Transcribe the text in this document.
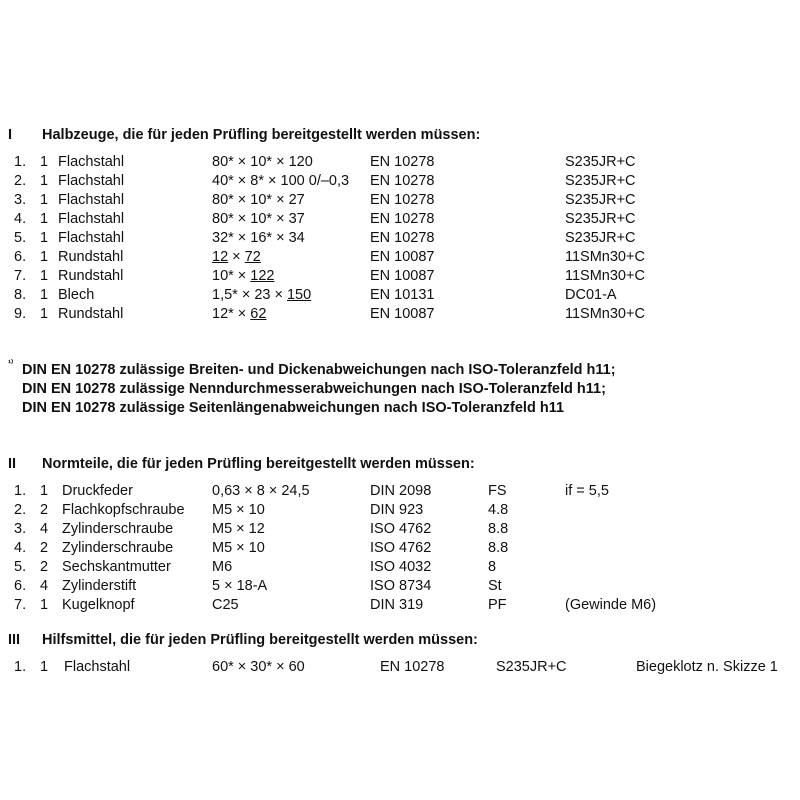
I Halbzeuge, die für jeden Prüfling bereitgestellt werden müssen:
1. 1 Flachstahl	80* × 10* × 120	EN 10278	S235JR+C
2. 1 Flachstahl	40* × 8* × 100 0/–0,3 EN 10278	S235JR+C
3. 1 Flachstahl	80* × 10* × 27	EN 10278	S235JR+C
4. 1 Flachstahl	80* × 10* × 37	EN 10278	S235JR+C
5. 1 Flachstahl	32* × 16* × 34	EN 10278	S235JR+C
6. 1 Rundstahl	12 × 72	EN 10087	11SMn30+C
7. 1 Rundstahl	10* × 122	EN 10087	11SMn30+C
8. 1 Blech	1,5* × 23 × 150	EN 10131	DC01-A
9. 1 Rundstahl	12* × 62	EN 10087	11SMn30+C
¹⁾ DIN EN 10278 zulässige Breiten- und Dickenabweichungen nach ISO-Toleranzfeld h11;
DIN EN 10278 zulässige Nenndurchmesserabweichungen nach ISO-Toleranzfeld h11;
DIN EN 10278 zulässige Seitenlängenabweichungen nach ISO-Toleranzfeld h11
II Normteile, die für jeden Prüfling bereitgestellt werden müssen:
1. 1 Druckfeder	0,63 × 8 × 24,5	DIN 2098	FS	if = 5,5
2. 2 Flachkopfschraube M5 × 10	DIN 923	4.8
3. 4 Zylinderschraube	M5 × 12	ISO 4762	8.8
4. 2 Zylinderschraube	M5 × 10	ISO 4762	8.8
5. 2 Sechskantmutter	M6	ISO 4032	8
6. 4 Zylinderstift	5 × 18-A	ISO 8734	St
7. 1 Kugelknopf	C25	DIN 319	PF	(Gewinde M6)
III Hilfsmittel, die für jeden Prüfling bereitgestellt werden müssen:
1. 1 Flachstahl	60* × 30* × 60	EN 10278	S235JR+C	Biegeklotz n. Skizze 1
